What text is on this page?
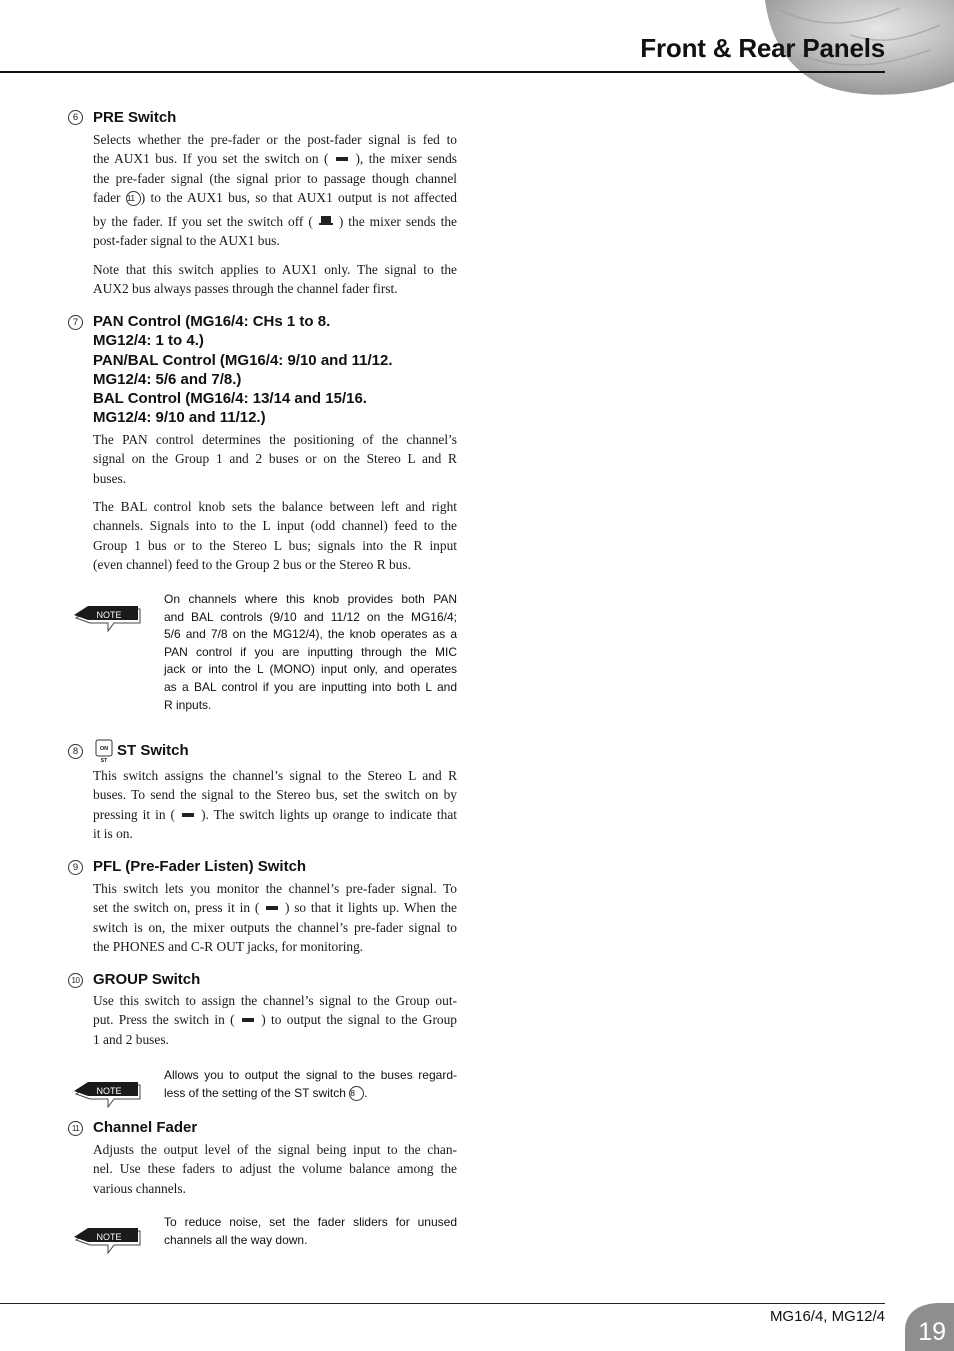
Front & Rear Panels
6 PRE Switch
Selects whether the pre-fader or the post-fader signal is fed to
the AUX1 bus. If you set the switch on ( ), the mixer sends
the pre-fader signal (the signal prior to passage though channel
fader 11 ) to the AUX1 bus, so that AUX1 output is not affected
by the fader. If you set the switch off ( ) the mixer sends the
post-fader signal to the AUX1 bus.
Note that this switch applies to AUX1 only. The signal to the
AUX2 bus always passes through the channel fader first.
7 PAN Control (MG16/4: CHs 1 to 8.
MG12/4: 1 to 4.)
PAN/BAL Control (MG16/4: 9/10 and 11/12.
MG12/4: 5/6 and 7/8.)
BAL Control (MG16/4: 13/14 and 15/16.
MG12/4: 9/10 and 11/12.)
The PAN control determines the positioning of the channel’s
signal on the Group 1 and 2 buses or on the Stereo L and R
buses.
The BAL control knob sets the balance between left and right
channels. Signals into to the L input (odd channel) feed to the
Group 1 bus or to the Stereo L bus; signals into the R input
(even channel) feed to the Group 2 bus or the Stereo R bus.
NOTE
On channels where this knob provides both PAN
and BAL controls (9/10 and 11/12 on the MG16/4;
5/6 and 7/8 on the MG12/4), the knob operates as a
PAN control if you are inputting through the MIC
jack or into the L (MONO) input only, and operates
as a BAL control if you are inputting into both L and
R inputs.
8	ON
ST
ST Switch
This switch assigns the channel’s signal to the Stereo L and R
buses. To send the signal to the Stereo bus, set the switch on by
pressing it in ( ). The switch lights up orange to indicate that
it is on.
9 PFL (Pre-Fader Listen) Switch
This switch lets you monitor the channel’s pre-fader signal. To
set the switch on, press it in ( ) so that it lights up. When the
switch is on, the mixer outputs the channel’s pre-fader signal to
the PHONES and C-R OUT jacks, for monitoring.
10 GROUP Switch
Use this switch to assign the channel’s signal to the Group out-
put. Press the switch in ( ) to output the signal to the Group
1 and 2 buses.
NOTE
Allows you to output the signal to the buses regard-
less of the setting of the ST switch 8 .
11 Channel Fader
Adjusts the output level of the signal being input to the chan-
nel. Use these faders to adjust the volume balance among the
various channels.
NOTE
To reduce noise, set the fader sliders for unused
channels all the way down.
MG16/4, MG12/4
19
